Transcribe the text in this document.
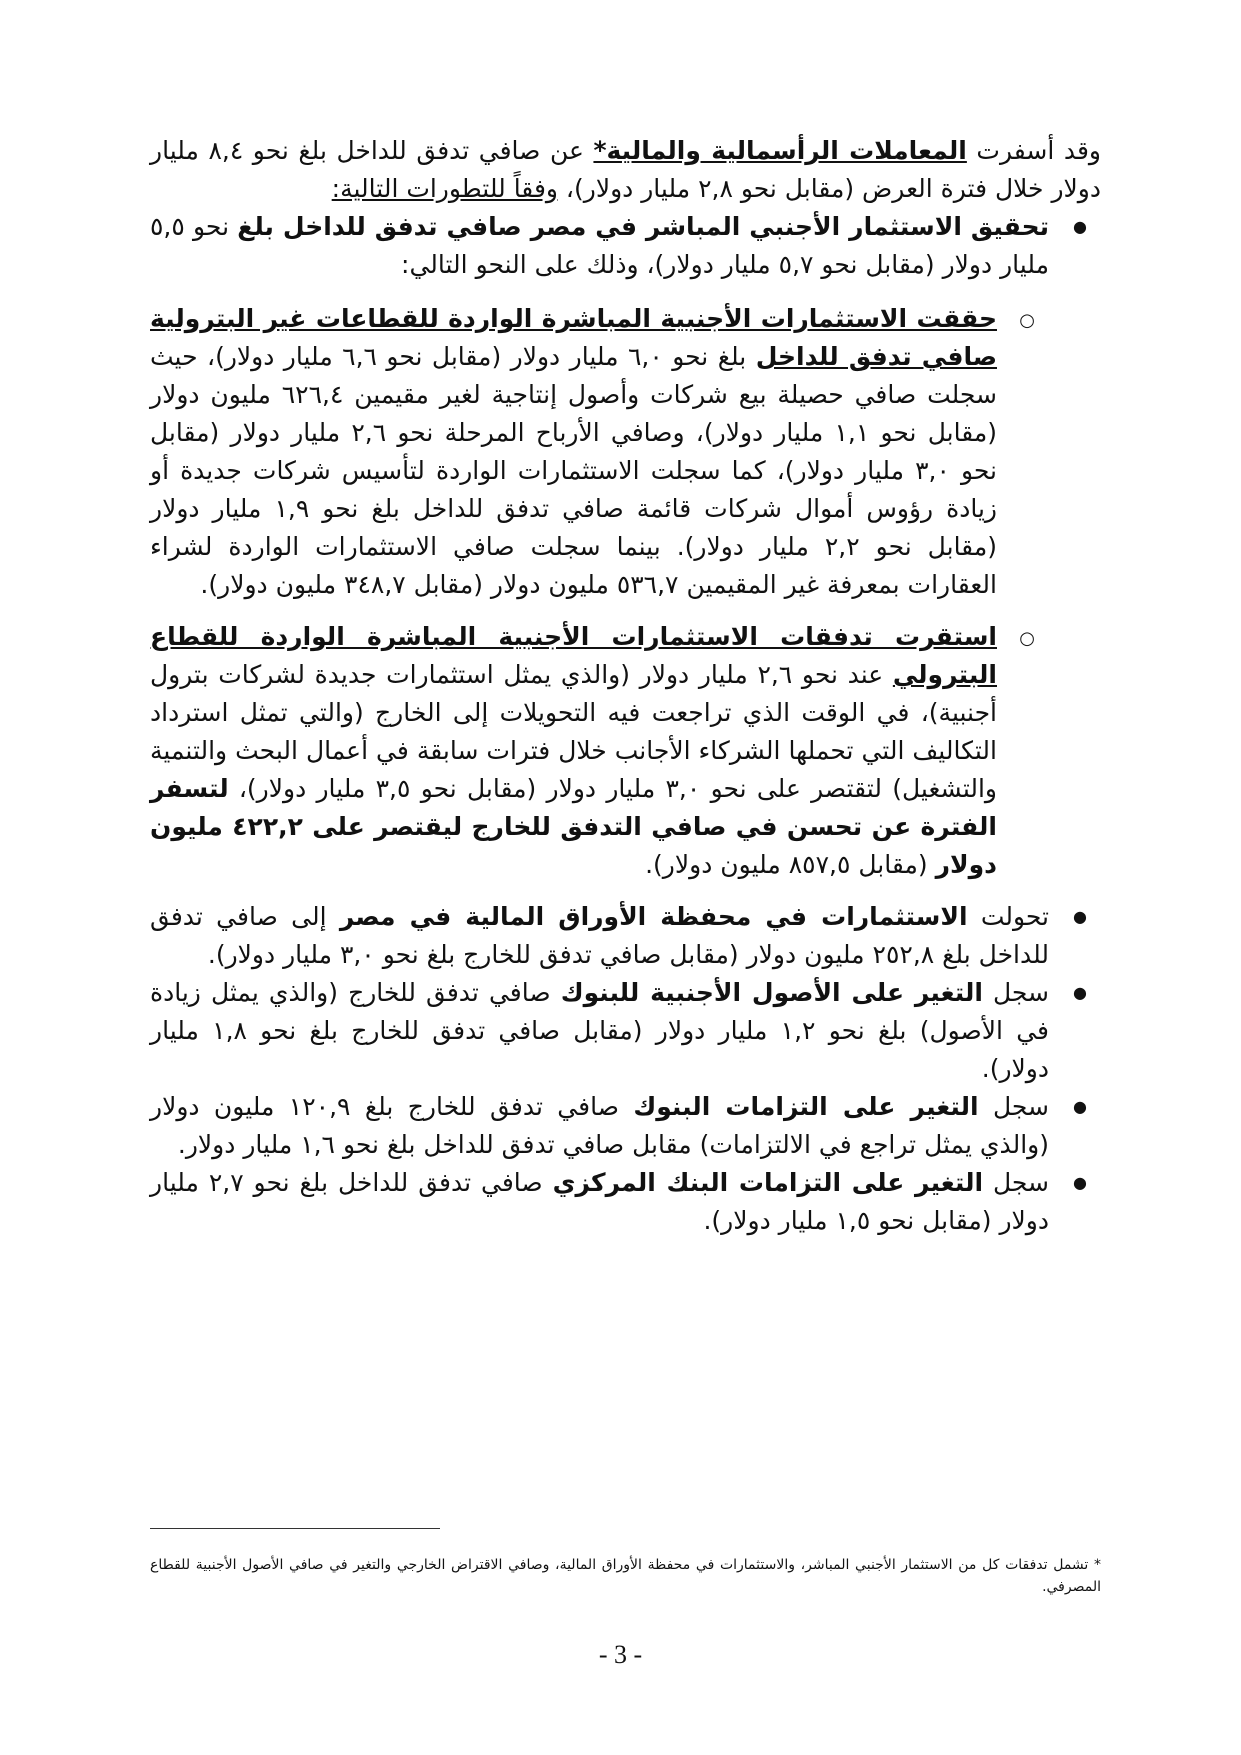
وقد أسفرت المعاملات الرأسمالية والمالية* عن صافي تدفق للداخل بلغ نحو ٨,٤ مليار دولار خلال فترة العرض (مقابل نحو ٢,٨ مليار دولار)، وفقاً للتطورات التالية:

● تحقيق الاستثمار الأجنبي المباشر في مصر صافي تدفق للداخل بلغ نحو ٥,٥ مليار دولار (مقابل نحو ٥,٧ مليار دولار)، وذلك على النحو التالي:
○ حققت الاستثمارات الأجنبية المباشرة الواردة للقطاعات غير البترولية صافي تدفق للداخل بلغ نحو ٦,٠ مليار دولار (مقابل نحو ٦,٦ مليار دولار)، حيث سجلت صافي حصيلة بيع شركات وأصول إنتاجية لغير مقيمين ٦٢٦,٤ مليون دولار (مقابل نحو ١,١ مليار دولار)، وصافي الأرباح المرحلة نحو ٢,٦ مليار دولار (مقابل نحو ٣,٠ مليار دولار)، كما سجلت الاستثمارات الواردة لتأسيس شركات جديدة أو زيادة رؤوس أموال شركات قائمة صافي تدفق للداخل بلغ نحو ١,٩ مليار دولار (مقابل نحو ٢,٢ مليار دولار). بينما سجلت صافي الاستثمارات الواردة لشراء العقارات بمعرفة غير المقيمين ٥٣٦,٧ مليون دولار (مقابل ٣٤٨,٧ مليون دولار).
○ استقرت تدفقات الاستثمارات الأجنبية المباشرة الواردة للقطاع البترولي عند نحو ٢,٦ مليار دولار (والذي يمثل استثمارات جديدة لشركات بترول أجنبية)، في الوقت الذي تراجعت فيه التحويلات إلى الخارج (والتي تمثل استرداد التكاليف التي تحملها الشركاء الأجانب خلال فترات سابقة في أعمال البحث والتنمية والتشغيل) لتقتصر على نحو ٣,٠ مليار دولار (مقابل نحو ٣,٥ مليار دولار)، لتسفر الفترة عن تحسن في صافي التدفق للخارج ليقتصر على ٤٢٢,٢ مليون دولار (مقابل ٨٥٧,٥ مليون دولار).
● تحولت الاستثمارات في محفظة الأوراق المالية في مصر إلى صافي تدفق للداخل بلغ ٢٥٢,٨ مليون دولار (مقابل صافي تدفق للخارج بلغ نحو ٣,٠ مليار دولار).
● سجل التغير على الأصول الأجنبية للبنوك صافي تدفق للخارج (والذي يمثل زيادة في الأصول) بلغ نحو ١,٢ مليار دولار (مقابل صافي تدفق للخارج بلغ نحو ١,٨ مليار دولار).
● سجل التغير على التزامات البنوك صافي تدفق للخارج بلغ ١٢٠,٩ مليون دولار (والذي يمثل تراجع في الالتزامات) مقابل صافي تدفق للداخل بلغ نحو ١,٦ مليار دولار.
● سجل التغير على التزامات البنك المركزي صافي تدفق للداخل بلغ نحو ٢,٧ مليار دولار (مقابل نحو ١,٥ مليار دولار).

* تشمل تدفقات كل من الاستثمار الأجنبي المباشر، والاستثمارات في محفظة الأوراق المالية، وصافي الاقتراض الخارجي والتغير في صافي الأصول الأجنبية للقطاع المصرفي.

- 3 -
